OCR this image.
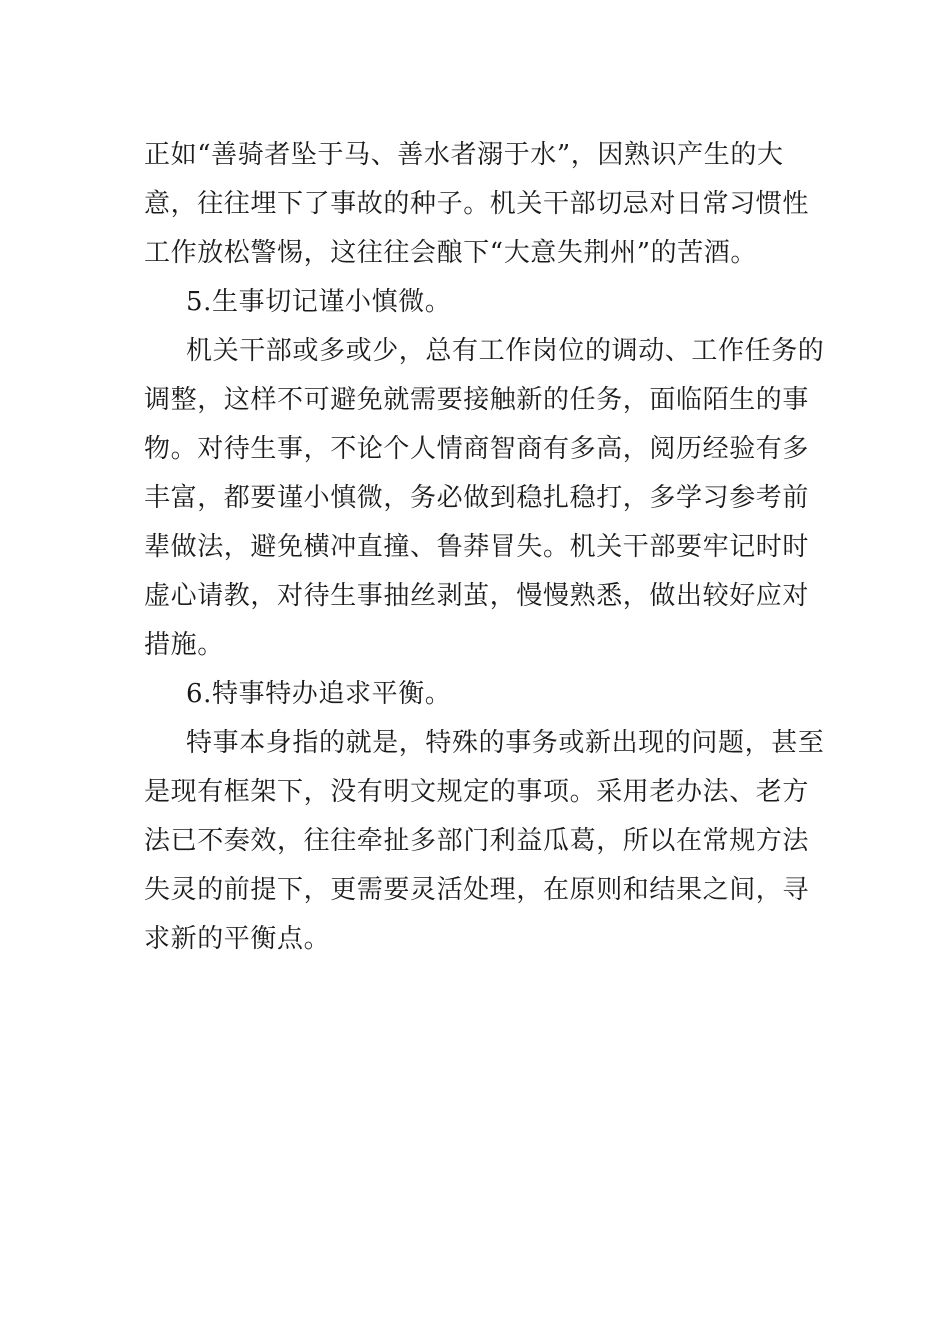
正如“善骑者坠于马、善水者溺于水”，因熟识产生的大
意，往往埋下了事故的种子。机关干部切忌对日常习惯性
工作放松警惕，这往往会酿下“大意失荆州”的苦酒。
5.生事切记谨小慎微。
机关干部或多或少，总有工作岗位的调动、工作任务的
调整，这样不可避免就需要接触新的任务，面临陌生的事
物。对待生事，不论个人情商智商有多高，阅历经验有多
丰富，都要谨小慎微，务必做到稳扎稳打，多学习参考前
辈做法，避免横冲直撞、鲁莽冒失。机关干部要牢记时时
虚心请教，对待生事抽丝剥茧，慢慢熟悉，做出较好应对
措施。
6.特事特办追求平衡。
特事本身指的就是，特殊的事务或新出现的问题，甚至
是现有框架下，没有明文规定的事项。采用老办法、老方
法已不奏效，往往牵扯多部门利益瓜葛，所以在常规方法
失灵的前提下，更需要灵活处理，在原则和结果之间，寻
求新的平衡点。
